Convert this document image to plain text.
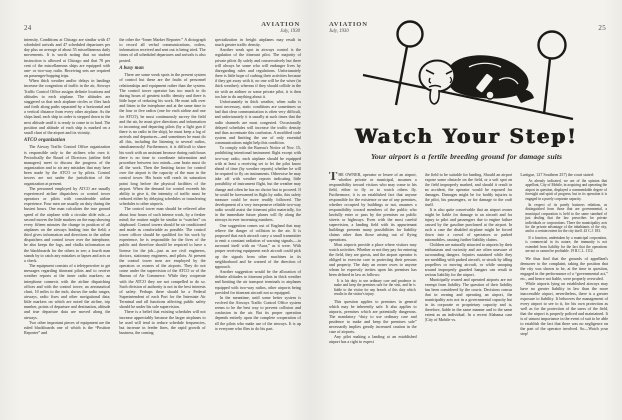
24	AVIATION
July, 1930

intensity. Conditions at Chicago are similar with 47 scheduled arrivals and 47 scheduled departures per day plus an average of about 55 miscellaneous daily movements. It is worth noting that no student instruction is allowed at Chicago and that 70 per cent of the miscellaneous ships are equipped with one- or two-way radio. Receiving sets are required on passenger-hopping trips.

When thick weather and/or delays in landings increase the congestion of traffic in the air, Airways Traffic Control Office assigns definite locations and altitudes to each airplane. The altitudes are staggered so that each airplane circles or flies back and forth along paths separated by a horizontal and a vertical distance from every other airplane. As the ships land, each ship in order is stepped down to the next altitude until it is ready to come in to land. The position and altitude of each ship is marked on a small chart of the airport and its vicinity.

ATCO organization

The Airway Traffic Control Office organization is responsible only to the airlines who own it. Periodically the Board of Directors (airline field managers) meet to discuss the progress of the organization and to air any mistakes that may have been made by the ATCO or by pilots. Control towers are not under the jurisdiction of the organization at present.

The personnel employed by ATCO are usually experienced airline dispatchers or control tower operators or pilots with considerable airline experience. Four men are usually on duty during the busiest hours. One man calculates the true ground speed of the airplane with a circular slide rule—a second moves the little markers on the map showing every fifteen minutes the change in position of all airplanes on the airways leading into the field; a third gives information and directions to the airline dispatchers and control tower over the interphone, he also keeps the logs, and chalks information on the blackboards for the others to see; a fourth man stands by to catch any mistakes or lapses and acts as a check.

The equipment consists of a teletypewriter to get messages regarding itinerant pilots and to receive weather reports at the inner radio markers; an interphone connects with the airline dispatching offices and with the control tower; an aeronautical chart, 10 miles to the inch, shows the radio ranges, airways, radio fixes and other navigational data; little markers on which are noted the airline, trip number, points of departure and destination, altitude and true departure data are moved along the airways.

Two other important pieces of equipment are the ruled blackboards one of which is the “Position Reporter” and

the other the “Inner Marker Reporter.” A dictograph to record all verbal communications, orders, information received and sent out is being tried. The times of all scheduled departures and arrivals is also posted.

A busy man

There are some weak spots in the present system of control but these are the faults of personnel relationships and equipment rather than the system. The control tower operator has too much to do during hours of greatest traffic density and there is little hope of reducing his work. He must talk over and listen to the interphone and at the same time to the four or five radios (one for each airline and one for ATCO), he must continuously survey the field and the air, he must give directions and information to incoming and departing pilots (by a light gun if there is no radio in the ship), he must keep a log of arrivals and departures—and sometimes he must do all this, including the listening to several radios, simultaneously! Furthermore, it is difficult to share his work with an assistant because during rush hours there is no time to coordinate information and procedure between two minds—one brain must do all the work. Then the limiting factor for control over the airport is the capacity of the man in the control tower. His brain will reach its saturation point long before the physical facilities of the airport. When the demand for control exceeds his ability to give it, the intensity of traffic must be reduced either by delaying schedules or transferring schedules to other airports.

The control tower man should be relieved after about four hours of such intense work, by a fresher mind; the routine might be similar to “watches” on shipboard. Control towers should be air conditioned and made as comfortable as possible. The control tower officer should be qualified for his work by experience, he is responsible for the lives of the public and therefore should be required to have a license for the job—just as are civil engineers, doctors, stationary engineers, and pilots. At present the control tower men are employed by the operators or owners of the airports. They do not come under the supervision of the ATCO or of the Bureau of Air Commerce. While they cooperate with the ATCO they are not compelled to do so. Such division of authority is not in the best interests of safety. Perhaps there should be a Federal Superintendent of each Port for the Interstate Air Terminal and all functions affecting public safety should be under his sole supervision.

There is a belief that existing schedules will not increase appreciably because the larger airplanes to be used will tend to reduce schedule frequencies, but increase in feeder lines, the rapid growth of business, the coming

specialization in freight airplanes may result in much greater traffic density.

Another weak spot in airways control is the regulation of the itinerant pilot. The majority of private pilots fly safely and conservatively but there will always be some who will endanger lives by disregarding rules and regulations. Unfortunately there is little hope of curbing their activities because if they get away with it, no one will be the wiser (in thick weather); whereas if they should collide in the air with an airliner or some private pilot, it is then too late to do anything about it.

Unfortunately in thick weather, when radio is most necessary, static conditions are sometimes so bad that clear communication is often very difficult, and unfortunately it is usually at such times that the radio channels are most congested. Occasionally delayed schedules will increase the traffic density and thus accentuate this confusion. A modified code system and limiting the use of only essential communications might help this condition.

To comply with the Bureau's Notice of Nov. 15, prohibiting intentional instrument flight except with two-way radio, each airplane should be equipped with at least a receiving set to let the pilot know ahead of time (by weather reports) whether he will be required to fly on instruments. Otherwise he may take off with weather reports indicating little possibility of instrument flight, but the weather may change and often he has no choice but to proceed. If he could be forewarned in flight by radio, this safety measure could be more readily followed. The development of a very inexpensive reliable two-way radio would assist the itinerant pilot materially, for in the immediate future planes will fly along the airways in ever increasing numbers.

One suggestion comes out of England that may relieve the danger of collision in the air. It is proposed that each aircraft carry a small transmitter to emit a constant radiation of warning signals,—to surround itself with an “Aura,” as it were. With proper receiving equipment each aircraft could pick up the signals from other machines in its neighborhood and be warned of the direction of approach.

Another suggestion would be the allocation of definite altitudes to itinerant pilots in thick weather and limiting the air transport terminals to airplanes equipped with two-way radios, other airports being provided for itinerant aircraft not so equipped.

In the meantime, until some better system is evolved the Airways Traffic Control Office system seems to be the best way to prevent collision and confusion in the air. But its proper operation depends entirely upon the complete cooperation of all the pilots who make use of the airways. It is up to everyone who flies to do his part.

AVIATION
July, 1930	25
Watch Your Step!
Your airport is a fertile breeding ground for damage suits

THE OWNER, operator or lessee of an airport, whether private or municipal, assumes a responsibility toward visitors who may come to his field, either to fly or to watch others fly. Furthermore, it is an established fact that anyone responsible for the existence or use of any premises, whether occupied by buildings or not, assumes a responsibility toward members of the public who lawfully enter or pass by the premises on public streets or highways. Even with the most careful supervision, a landing field with its appurtenant buildings presents many possibilities for liability claims other than those arising out of flying operations.

Most airports provide a place where visitors may watch activities. Whether or not they pay for entering the field, they are guests, and the airport operator is obliged to exercise care in protecting their persons and property. The duty an owner owes to anyone whom he expressly invites upon his premises has been defined in law as follows:

It is his duty to use ordinary care and prudence to make and keep the premises safe for the visit, and he is liable to the visitor for any breach of this duty which results in the visitor's injury.

This question applies to premises in general which may be inherently safe. It also applies to airports, premises which are potentially dangerous. The mandatory “duty to use ordinary care and prudence to make and keep the premises safe” necessarily implies greatly increased caution in the case of airports.

Any pilot making a landing at an established airport has a right to expect

the field to be suitable for landing. Should an airport expose some obstacle on the field, or a soft spot on the field improperly marked, and should it result in an accident, the operator would be exposed for damages. Damages might be for bodily injuries to the pilot, his passengers, or for damage to the craft itself.

It is also quite conceivable that an airport owner might be liable for damage to an aircraft and for injury to pilot and passengers due to engine failure caused by the gasoline purchased at the airport. In such a case the disabled airplane might be forced down into a crowd of spectators or parked automobiles, causing further liability claims.

Children are naturally attracted to airports by their enthusiasm and curiosity and are often unaware of surrounding dangers. Injuries sustained while they are meddling with parked aircraft, or struck by idling propellers or moving aircraft, or while snooping around improperly guarded hangars can result in serious liability for the airport.

Municipally owned and operated airports are not exempt from liability. The question of their liability has been considered by the courts. Decisions concur that in owning and operating an airport, the municipality acts not in a governmental capacity but in its corporate or proprietary capacity and is, therefore, liable in the same manner and to the same extent as an individual. In a recent Alabama case (City of Mobile vs.

Lartigue, 127 Southern 257) the court stated:

As already indicated, we are of the opinion that appellant, City of Mobile, in acquiring and operating the airport in question, displayed a commendable degree of foresight and spirit of progress; but in its operation it is engaged in a purely corporate capacity.

In respect of its purely business relations, as distinguished from those that are governmental, a municipal corporation is held to the same standard of just dealing that the law prescribes for private individuals or corporations. There the municipality acts for the private advantage of the inhabitants of the city, and to a certain extent for the city itself. 43 C.J. 183.

If a function, undertaken by a municipal corporation, is commercial in its nature, the immunity is not extended from liability for the fact that the operations are not or cannot be profitable. 19 R.C.L. 1112.

We thus find that the grounds of appellant's demurrer to the complaint, taking the position that the city was shown to be, at the time in question, engaged in the performance of a “governmental act,” etc., and hence not liable, were properly overruled.

While airports lying on established airways may have no greater liability in law than the more inaccessible airport, nevertheless, there is a greater exposure to liability. It behooves the management of every airport to see to it, for his own protection as well as for the protection of the users of the field, that the airport is properly policed and maintained. It is of utmost importance in the event of suit to be able to establish the fact that there was no negligence on the part of the operator involved. So—Watch your step!
